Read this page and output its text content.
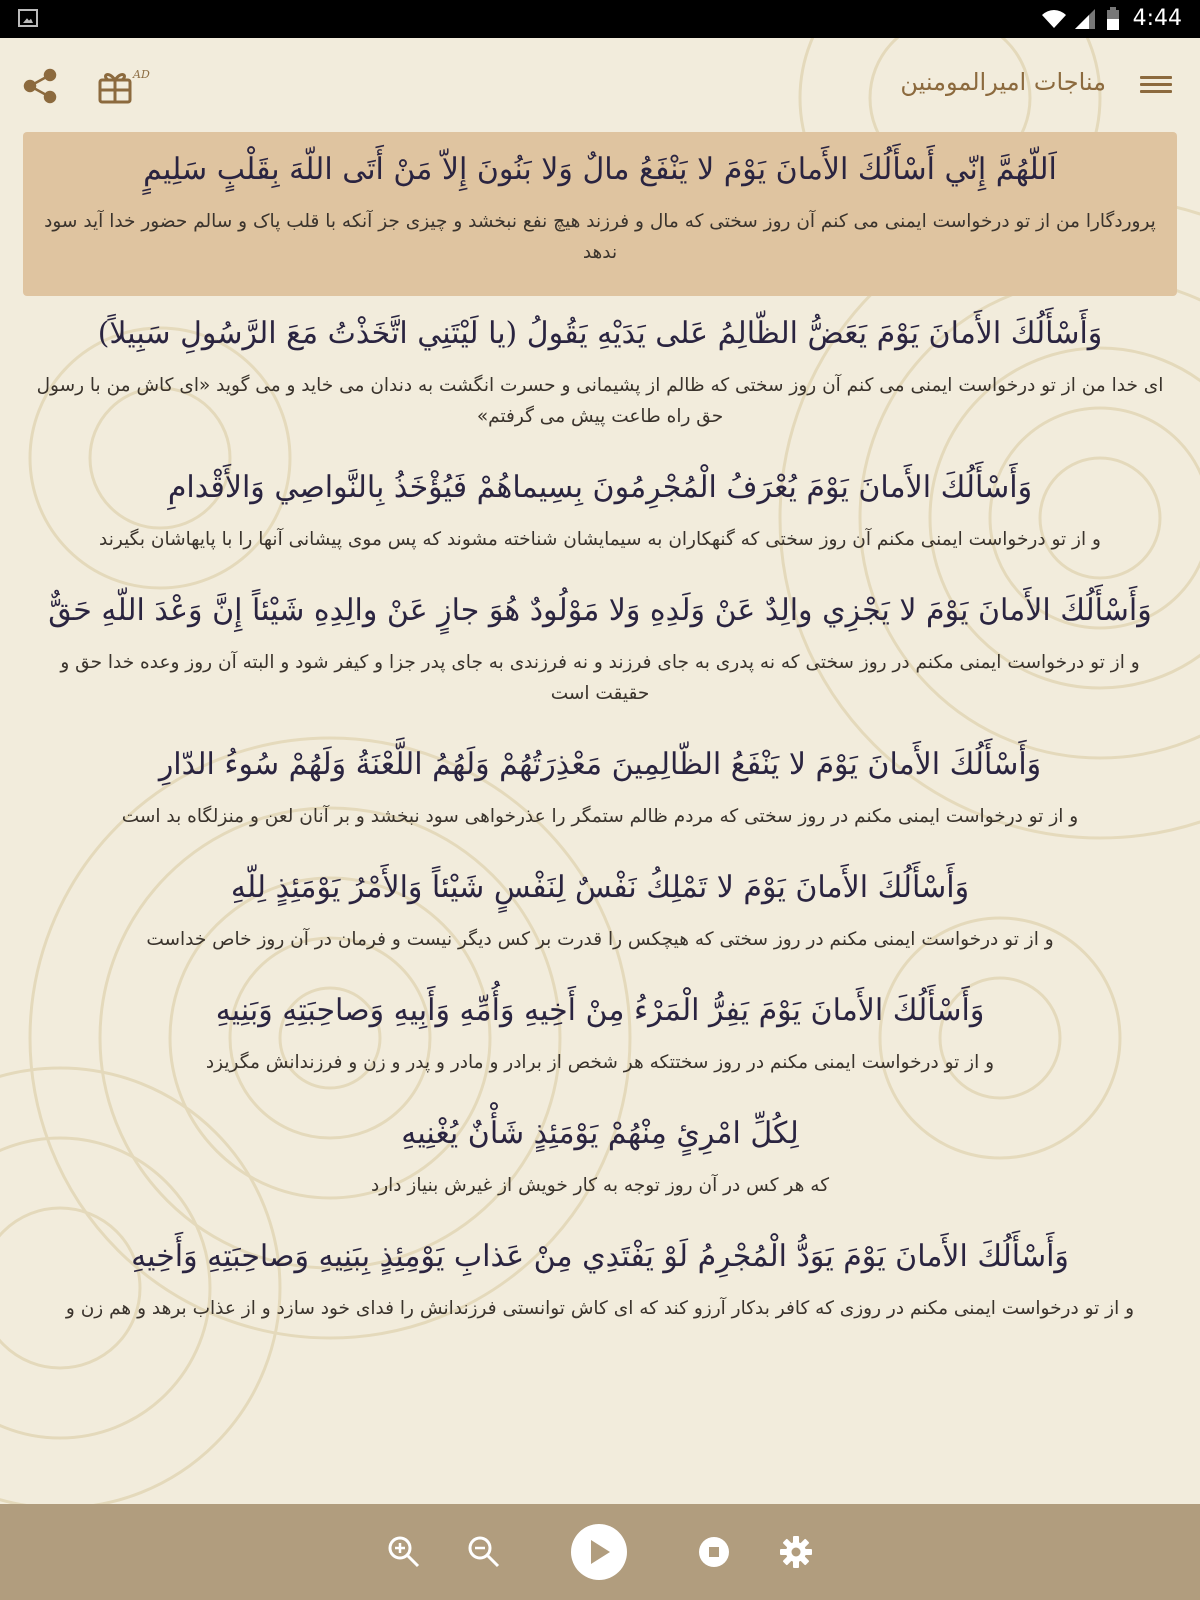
4:44
AD	مناجات امیرالمومنین

اَللّهُمَّ إِنّي أَسْأَلُكَ الأَمانَ يَوْمَ لا يَنْفَعُ مالٌ وَلا بَنُونَ إِلاّ مَنْ أَتَى اللّهَ بِقَلْبٍ سَلِيمٍ

پروردگارا من از تو درخواست ایمنی می کنم آن روز سختی که مال و فرزند هیچ نفع نبخشد و چیزی جز آنکه با قلب پاک و سالم حضور خدا آید سود ندهد

وَأَسْأَلُكَ الأَمانَ يَوْمَ يَعَضُّ الظّالِمُ عَلى يَدَيْهِ يَقُولُ (يا لَيْتَنِي اتَّخَذْتُ مَعَ الرَّسُولِ سَبِيلاً)

ای خدا من از تو درخواست ایمنی می کنم آن روز سختی که ظالم از پشیمانی و حسرت انگشت به دندان می خاید و می گوید «ای کاش من با رسول حق راه طاعت پیش می گرفتم»

وَأَسْأَلُكَ الأَمانَ يَوْمَ يُعْرَفُ الْمُجْرِمُونَ بِسِيماهُمْ فَيُؤْخَذُ بِالنَّواصِي وَالأَقْدامِ

و از تو درخواست ایمنی مکنم آن روز سختی که گنهکاران به سیمایشان شناخته مشوند که پس موی پیشانی آنها را با پایهاشان بگیرند

وَأَسْأَلُكَ الأَمانَ يَوْمَ لا يَجْزِي والِدٌ عَنْ وَلَدِهِ وَلا مَوْلُودٌ هُوَ جازٍ عَنْ والِدِهِ شَيْئاً إِنَّ وَعْدَ اللّهِ حَقٌّ

و از تو درخواست ایمنی مکنم در روز سختی که نه پدری به جای فرزند و نه فرزندی به جای پدر جزا و کیفر شود و البته آن روز وعده خدا حق و حقیقت است

وَأَسْأَلُكَ الأَمانَ يَوْمَ لا يَنْفَعُ الظّالِمِينَ مَعْذِرَتُهُمْ وَلَهُمُ اللَّعْنَةُ وَلَهُمْ سُوءُ الدّارِ

و از تو درخواست ایمنی مکنم در روز سختی که مردم ظالم ستمگر را عذرخواهی سود نبخشد و بر آنان لعن و منزلگاه بد است

وَأَسْأَلُكَ الأَمانَ يَوْمَ لا تَمْلِكُ نَفْسٌ لِنَفْسٍ شَيْئاً وَالأَمْرُ يَوْمَئِذٍ لِلّهِ

و از تو درخواست ایمنی مکنم در روز سختی که هیچکس را قدرت بر کس دیگر نیست و فرمان در آن روز خاص خداست

وَأَسْأَلُكَ الأَمانَ يَوْمَ يَفِرُّ الْمَرْءُ مِنْ أَخِيهِ وَأُمِّهِ وَأَبِيهِ وَصاحِبَتِهِ وَبَنِيهِ

و از تو درخواست ایمنی مکنم در روز سختتکه هر شخص از برادر و مادر و پدر و زن و فرزندانش مگریزد

لِكُلِّ امْرِئٍ مِنْهُمْ يَوْمَئِذٍ شَأْنٌ يُغْنِيهِ

که هر کس در آن روز توجه به کار خویش از غیرش بنیاز دارد

وَأَسْأَلُكَ الأَمانَ يَوْمَ يَوَدُّ الْمُجْرِمُ لَوْ يَفْتَدِي مِنْ عَذابِ يَوْمِئِذٍ بِبَنِيهِ وَصاحِبَتِهِ وَأَخِيهِ

و از تو درخواست ایمنی مکنم در روزی که کافر بدکار آرزو کند که ای کاش توانستی فرزندانش را فدای خود سازد و از عذاب برهد و هم زن و
